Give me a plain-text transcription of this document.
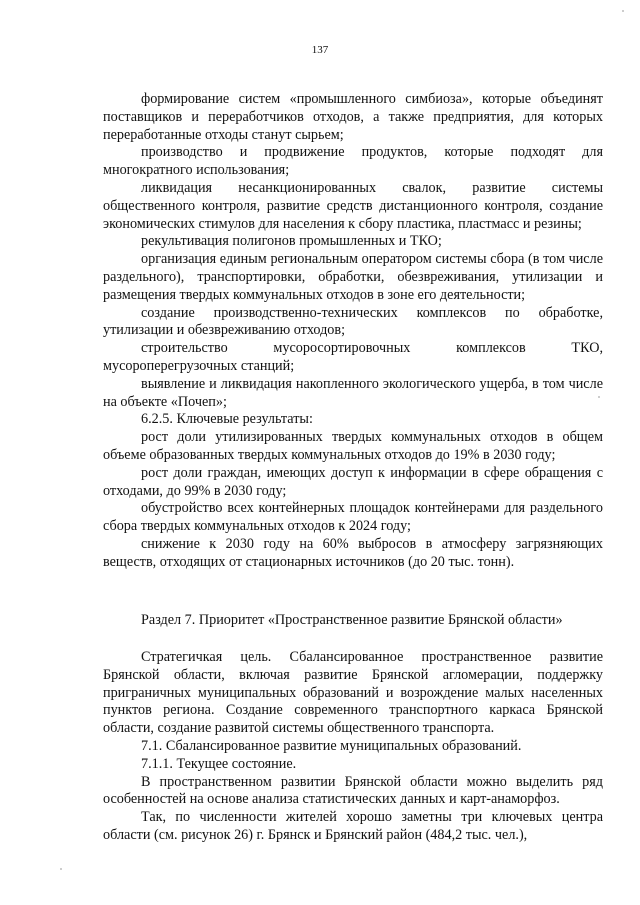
137

формирование систем «промышленного симбиоза», которые объединят поставщиков и переработчиков отходов, а также предприятия, для которых переработанные отходы станут сырьем;

производство и продвижение продуктов, которые подходят для многократного использования;

ликвидация несанкционированных свалок, развитие системы общественного контроля, развитие средств дистанционного контроля, создание экономических стимулов для населения к сбору пластика, пластмасс и резины;

рекультивация полигонов промышленных и ТКО;

организация единым региональным оператором системы сбора (в том числе раздельного), транспортировки, обработки, обезвреживания, утилизации и размещения твердых коммунальных отходов в зоне его деятельности;

создание производственно-технических комплексов по обработке, утилизации и обезвреживанию отходов;

строительство мусоросортировочных комплексов ТКО, мусороперегрузочных станций;

выявление и ликвидация накопленного экологического ущерба, в том числе на объекте «Почеп»;

6.2.5. Ключевые результаты:

рост доли утилизированных твердых коммунальных отходов в общем объеме образованных твердых коммунальных отходов до 19% в 2030 году;

рост доли граждан, имеющих доступ к информации в сфере обращения с отходами, до 99% в 2030 году;

обустройство всех контейнерных площадок контейнерами для раздельного сбора твердых коммунальных отходов к 2024 году;

снижение к 2030 году на 60% выбросов в атмосферу загрязняющих веществ, отходящих от стационарных источников (до 20 тыс. тонн).

Раздел 7. Приоритет «Пространственное развитие Брянской области»

Стратегичкая цель. Сбалансированное пространственное развитие Брянской области, включая развитие Брянской агломерации, поддержку приграничных муниципальных образований и возрождение малых населенных пунктов региона. Создание современного транспортного каркаса Брянской области, создание развитой системы общественного транспорта.

7.1. Сбалансированное развитие муниципальных образований.

7.1.1. Текущее состояние.

В пространственном развитии Брянской области можно выделить ряд особенностей на основе анализа статистических данных и карт-анаморфоз.

Так, по численности жителей хорошо заметны три ключевых центра области (см. рисунок 26) г. Брянск и Брянский район (484,2 тыс. чел.),
